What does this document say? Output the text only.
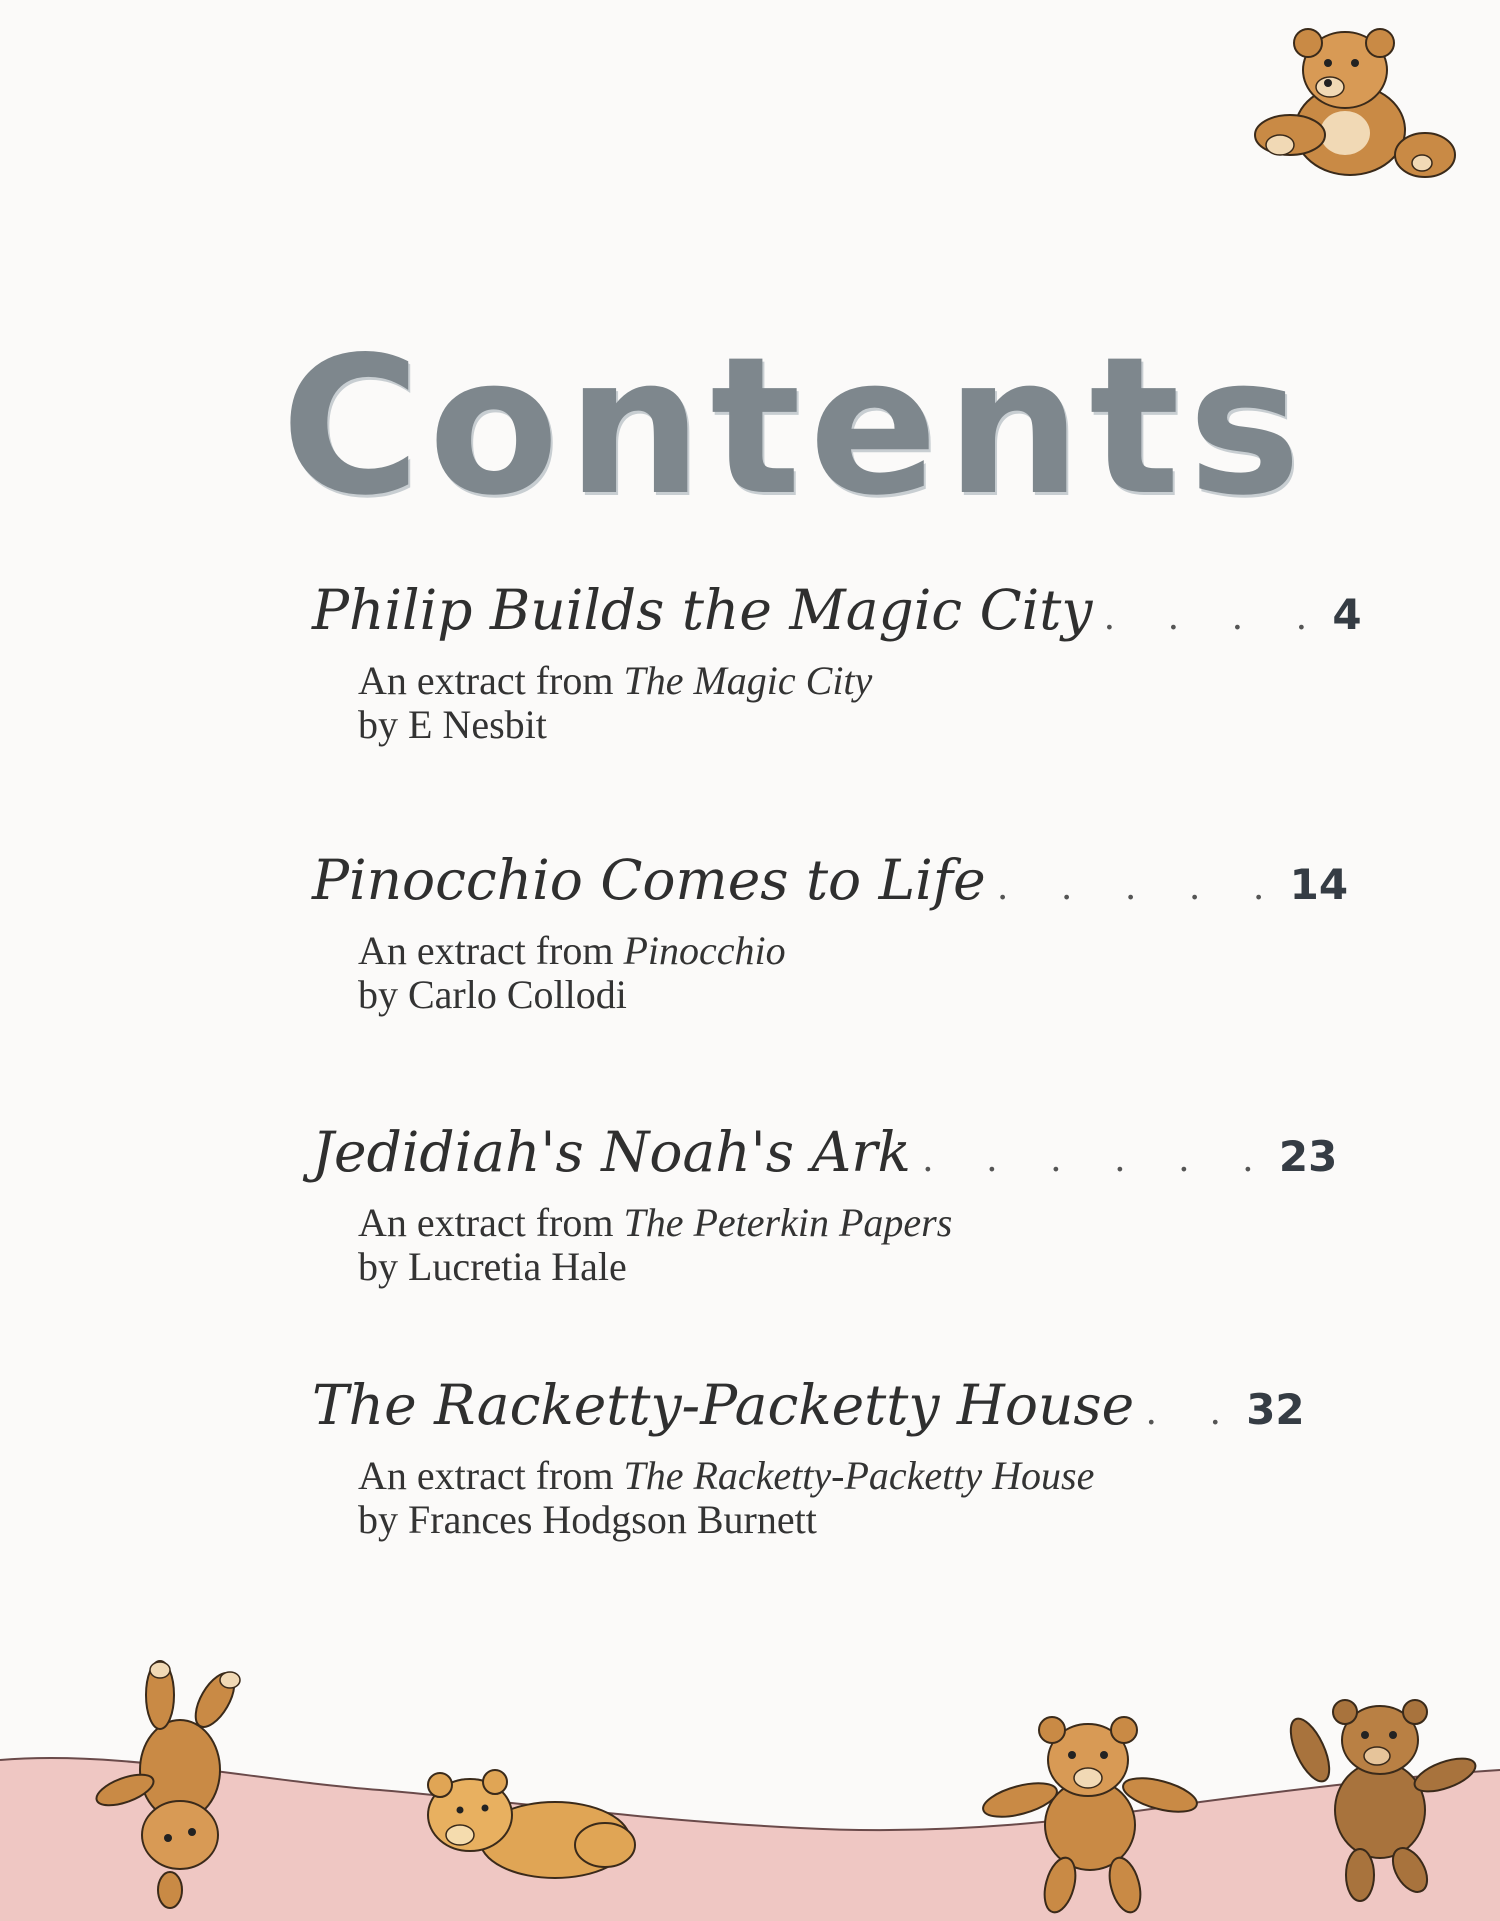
Contents
Philip Builds the Magic City . . . . 4
An extract from The Magic City
by E Nesbit
Pinocchio Comes to Life . . . . . 14
An extract from Pinocchio
by Carlo Collodi
Jedidiah's Noah's Ark . . . . . . 23
An extract from The Peterkin Papers
by Lucretia Hale
The Racketty-Packetty House . . 32
An extract from The Racketty-Packetty House
by Frances Hodgson Burnett
